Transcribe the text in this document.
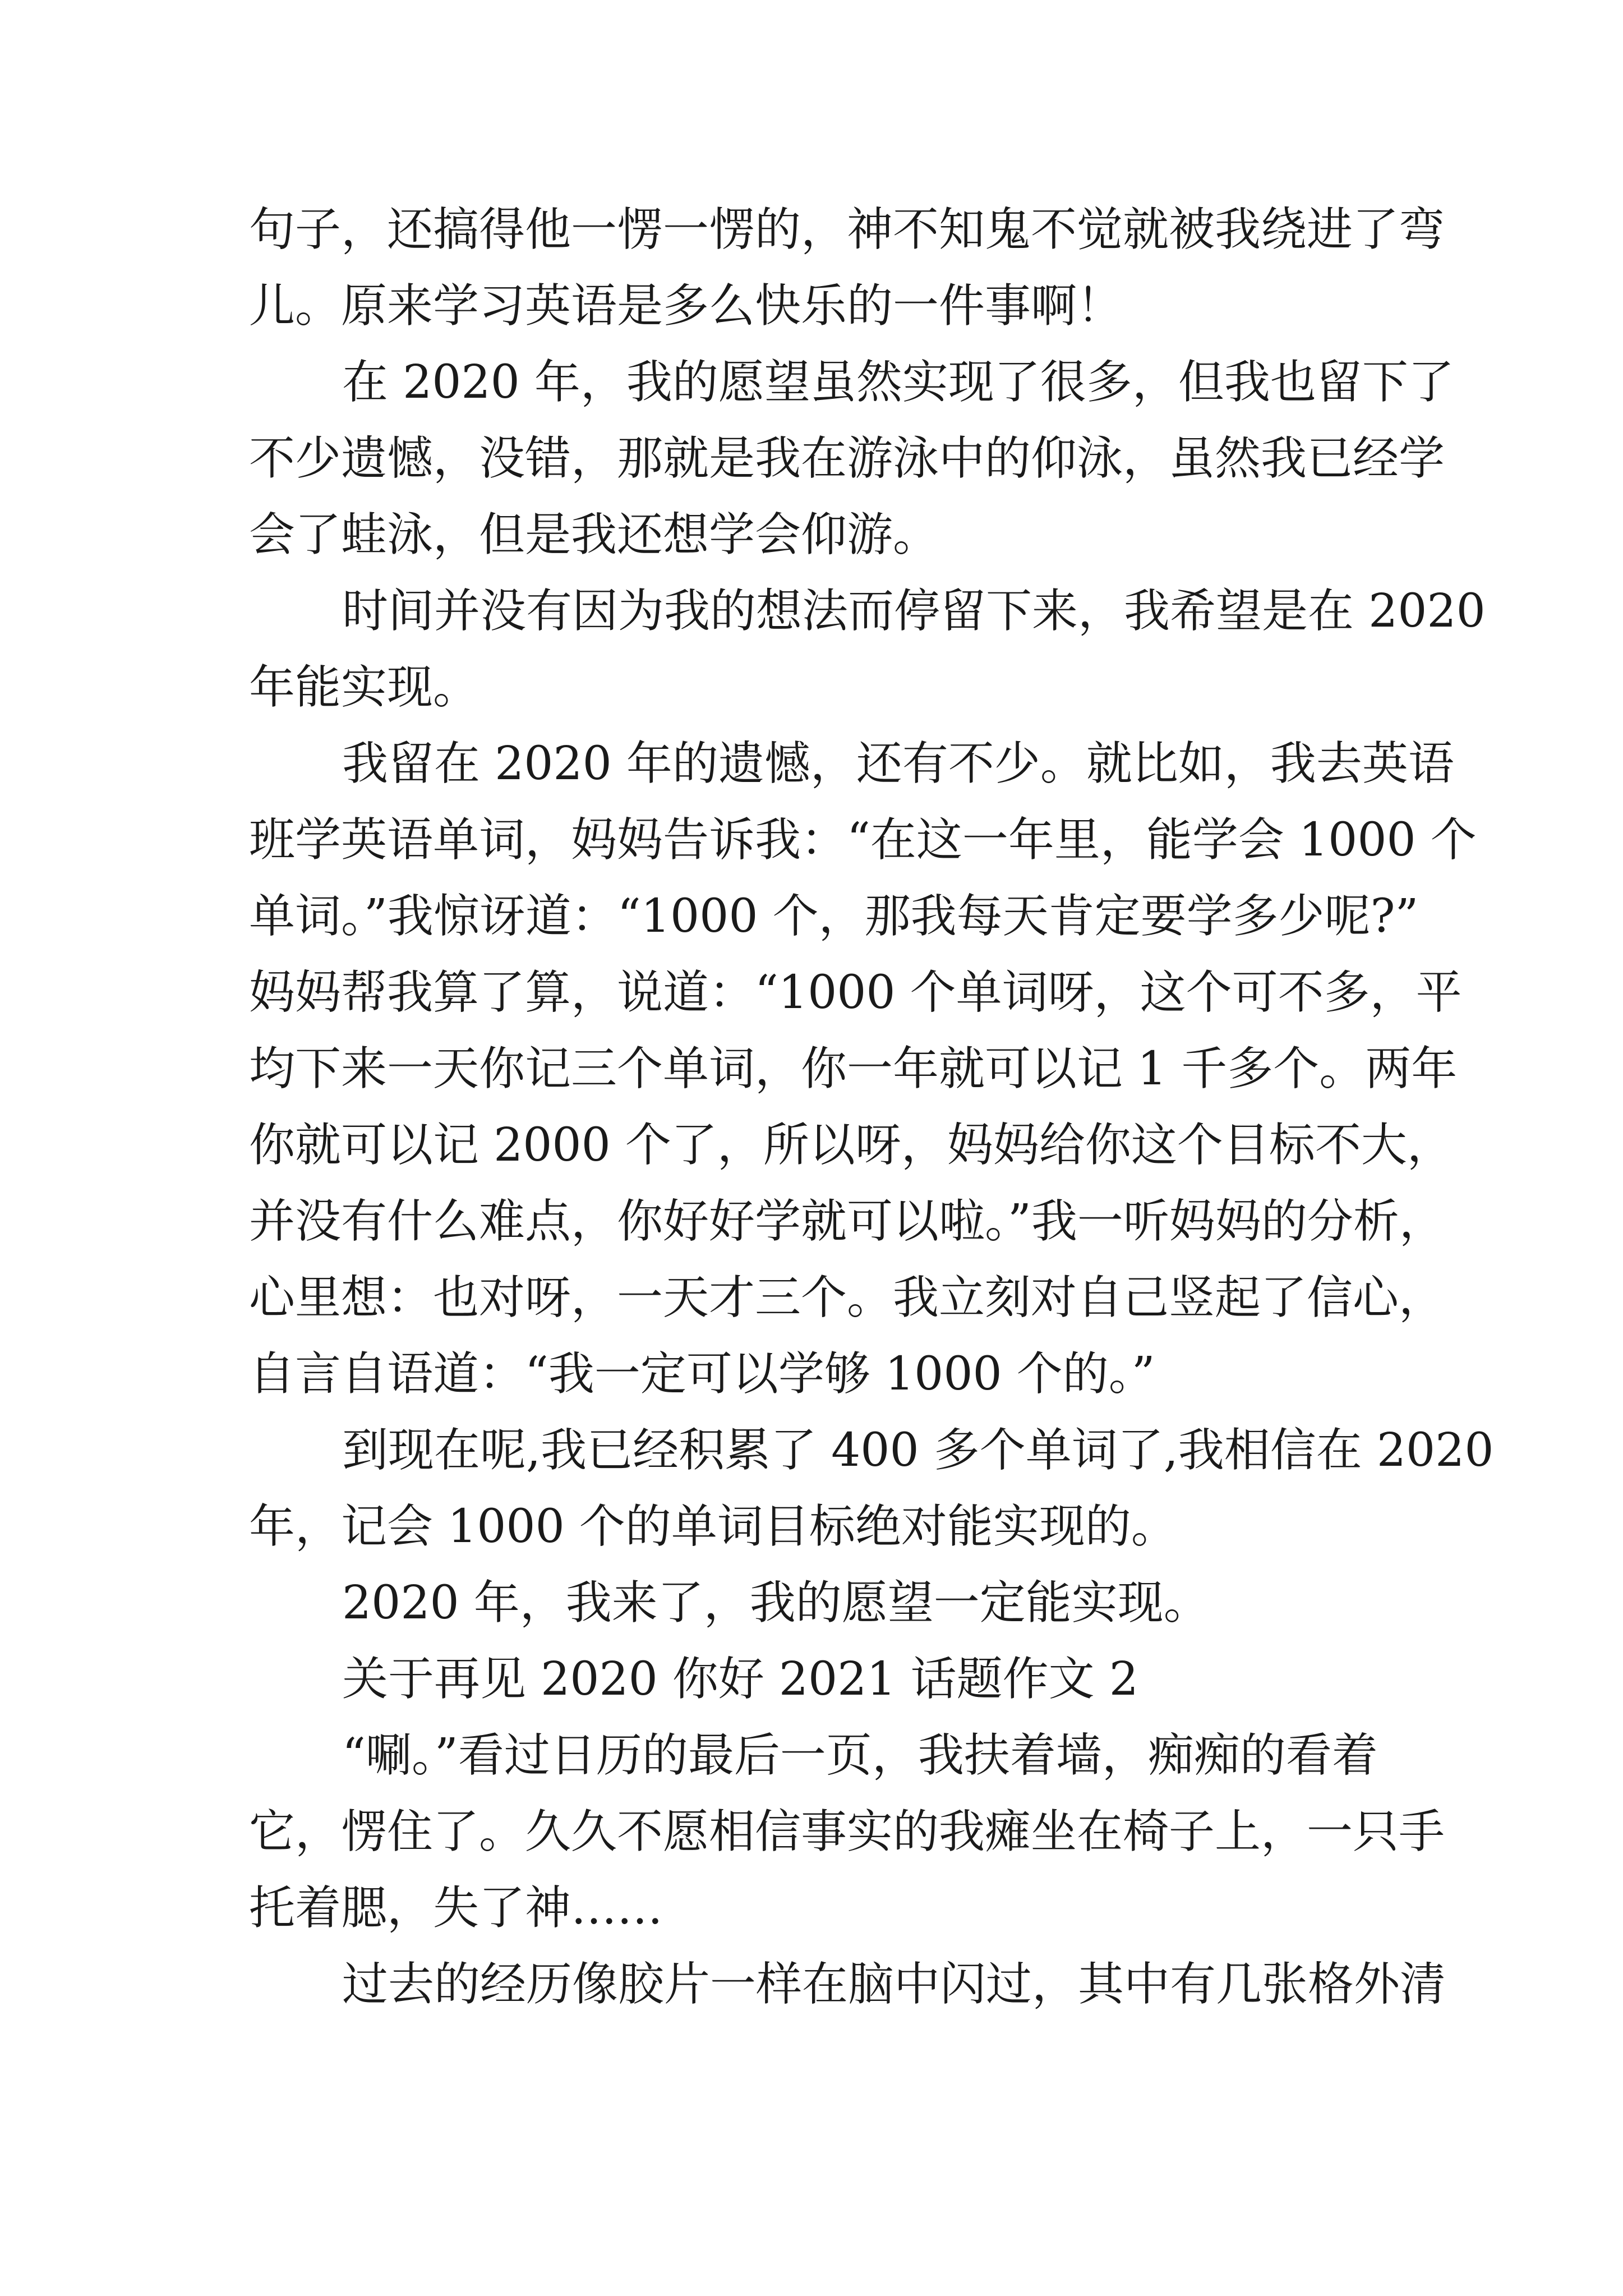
句子，还搞得他一愣一愣的，神不知鬼不觉就被我绕进了弯
儿。原来学习英语是多么快乐的一件事啊！
在 2020 年，我的愿望虽然实现了很多，但我也留下了
不少遗憾，没错，那就是我在游泳中的仰泳，虽然我已经学
会了蛙泳，但是我还想学会仰游。
时间并没有因为我的想法而停留下来，我希望是在 2020
年能实现。
我留在 2020 年的遗憾，还有不少。就比如，我去英语
班学英语单词，妈妈告诉我：“在这一年里，能学会 1000 个
单词。”我惊讶道：“1000 个，那我每天肯定要学多少呢?”
妈妈帮我算了算，说道：“1000 个单词呀，这个可不多，平
均下来一天你记三个单词，你一年就可以记 1 千多个。两年
你就可以记 2000 个了，所以呀，妈妈给你这个目标不大，
并没有什么难点，你好好学就可以啦。”我一听妈妈的分析，
心里想：也对呀，一天才三个。我立刻对自己竖起了信心，
自言自语道：“我一定可以学够 1000 个的。”
到现在呢,我已经积累了 400 多个单词了,我相信在 2020
年，记会 1000 个的单词目标绝对能实现的。
2020 年，我来了，我的愿望一定能实现。
关于再见 2020 你好 2021 话题作文 2
“唰。”看过日历的最后一页，我扶着墙，痴痴的看着
它，愣住了。久久不愿相信事实的我瘫坐在椅子上，一只手
托着腮，失了神……
过去的经历像胶片一样在脑中闪过，其中有几张格外清
